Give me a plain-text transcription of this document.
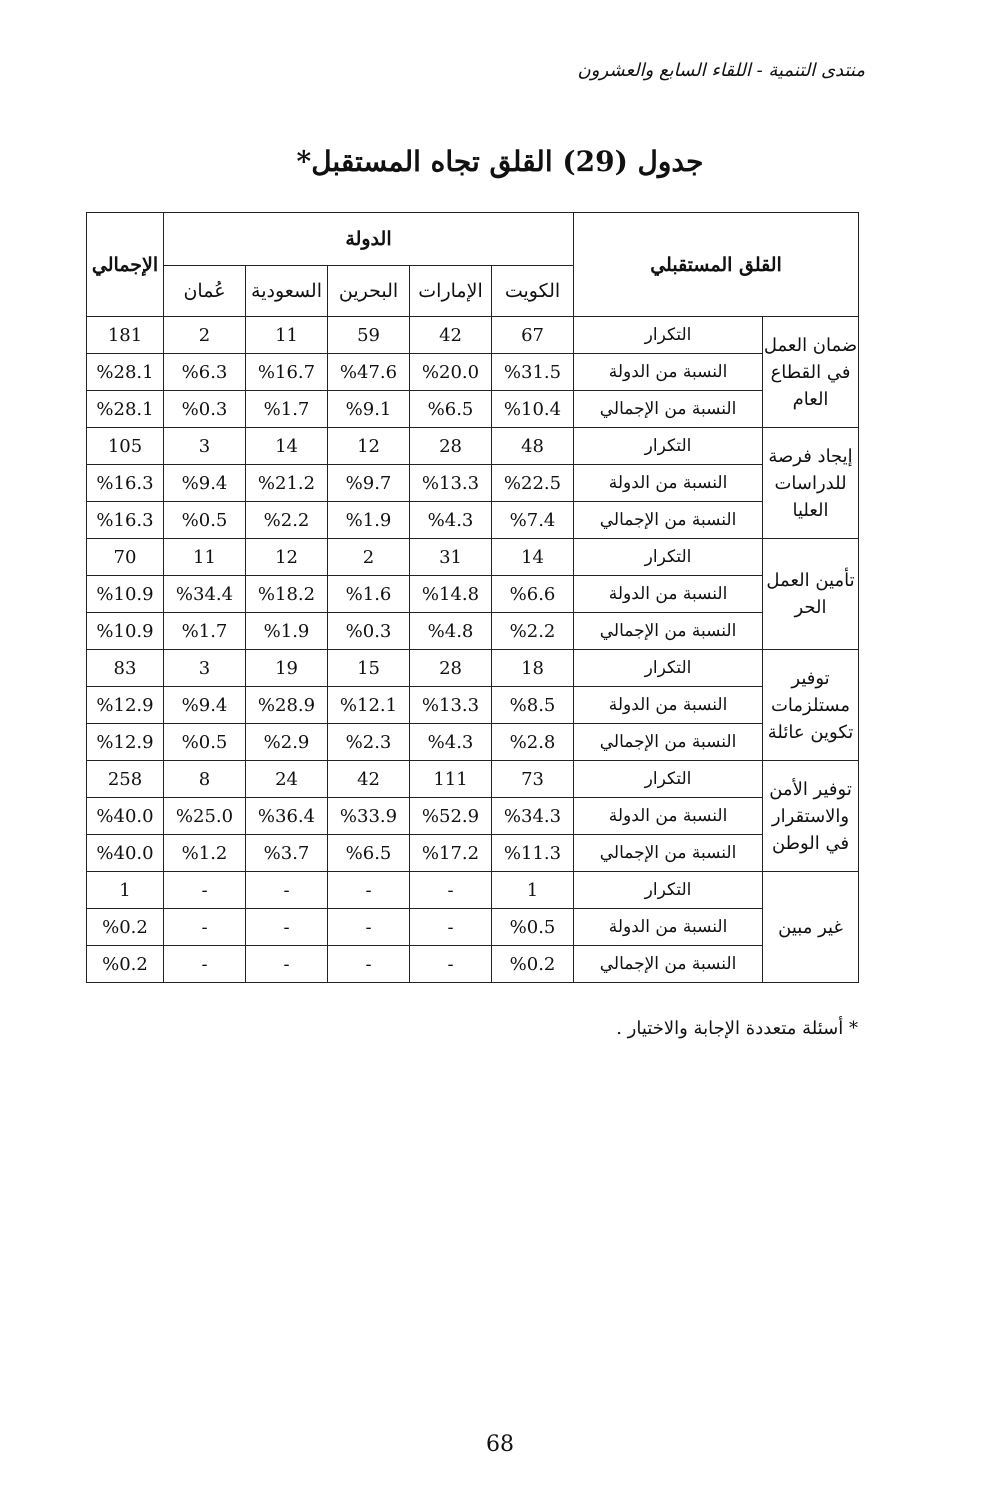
منتدى التنمية - اللقاء السابع والعشرون
جدول (29) القلق تجاه المستقبل*
القلق المستقبلي		الدولة					الإجمالي
		الكويت	الإمارات	البحرين	السعودية	عُمان	
ضمان العمل في القطاع العام	التكرار	67	42	59	11	2	181
	النسبة من الدولة	%31.5	%20.0	%47.6	%16.7	%6.3	%28.1
	النسبة من الإجمالي	%10.4	%6.5	%9.1	%1.7	%0.3	%28.1
إيجاد فرصة للدراسات العليا	التكرار	48	28	12	14	3	105
	النسبة من الدولة	%22.5	%13.3	%9.7	%21.2	%9.4	%16.3
	النسبة من الإجمالي	%7.4	%4.3	%1.9	%2.2	%0.5	%16.3
تأمين العمل الحر	التكرار	14	31	2	12	11	70
	النسبة من الدولة	%6.6	%14.8	%1.6	%18.2	%34.4	%10.9
	النسبة من الإجمالي	%2.2	%4.8	%0.3	%1.9	%1.7	%10.9
توفير مستلزمات تكوين عائلة	التكرار	18	28	15	19	3	83
	النسبة من الدولة	%8.5	%13.3	%12.1	%28.9	%9.4	%12.9
	النسبة من الإجمالي	%2.8	%4.3	%2.3	%2.9	%0.5	%12.9
توفير الأمن والاستقرار في الوطن	التكرار	73	111	42	24	8	258
	النسبة من الدولة	%34.3	%52.9	%33.9	%36.4	%25.0	%40.0
	النسبة من الإجمالي	%11.3	%17.2	%6.5	%3.7	%1.2	%40.0
غير مبين	التكرار	1	-	-	-	-	1
	النسبة من الدولة	%0.5	-	-	-	-	%0.2
	النسبة من الإجمالي	%0.2	-	-	-	-	%0.2
* أسئلة متعددة الإجابة والاختيار .
68
